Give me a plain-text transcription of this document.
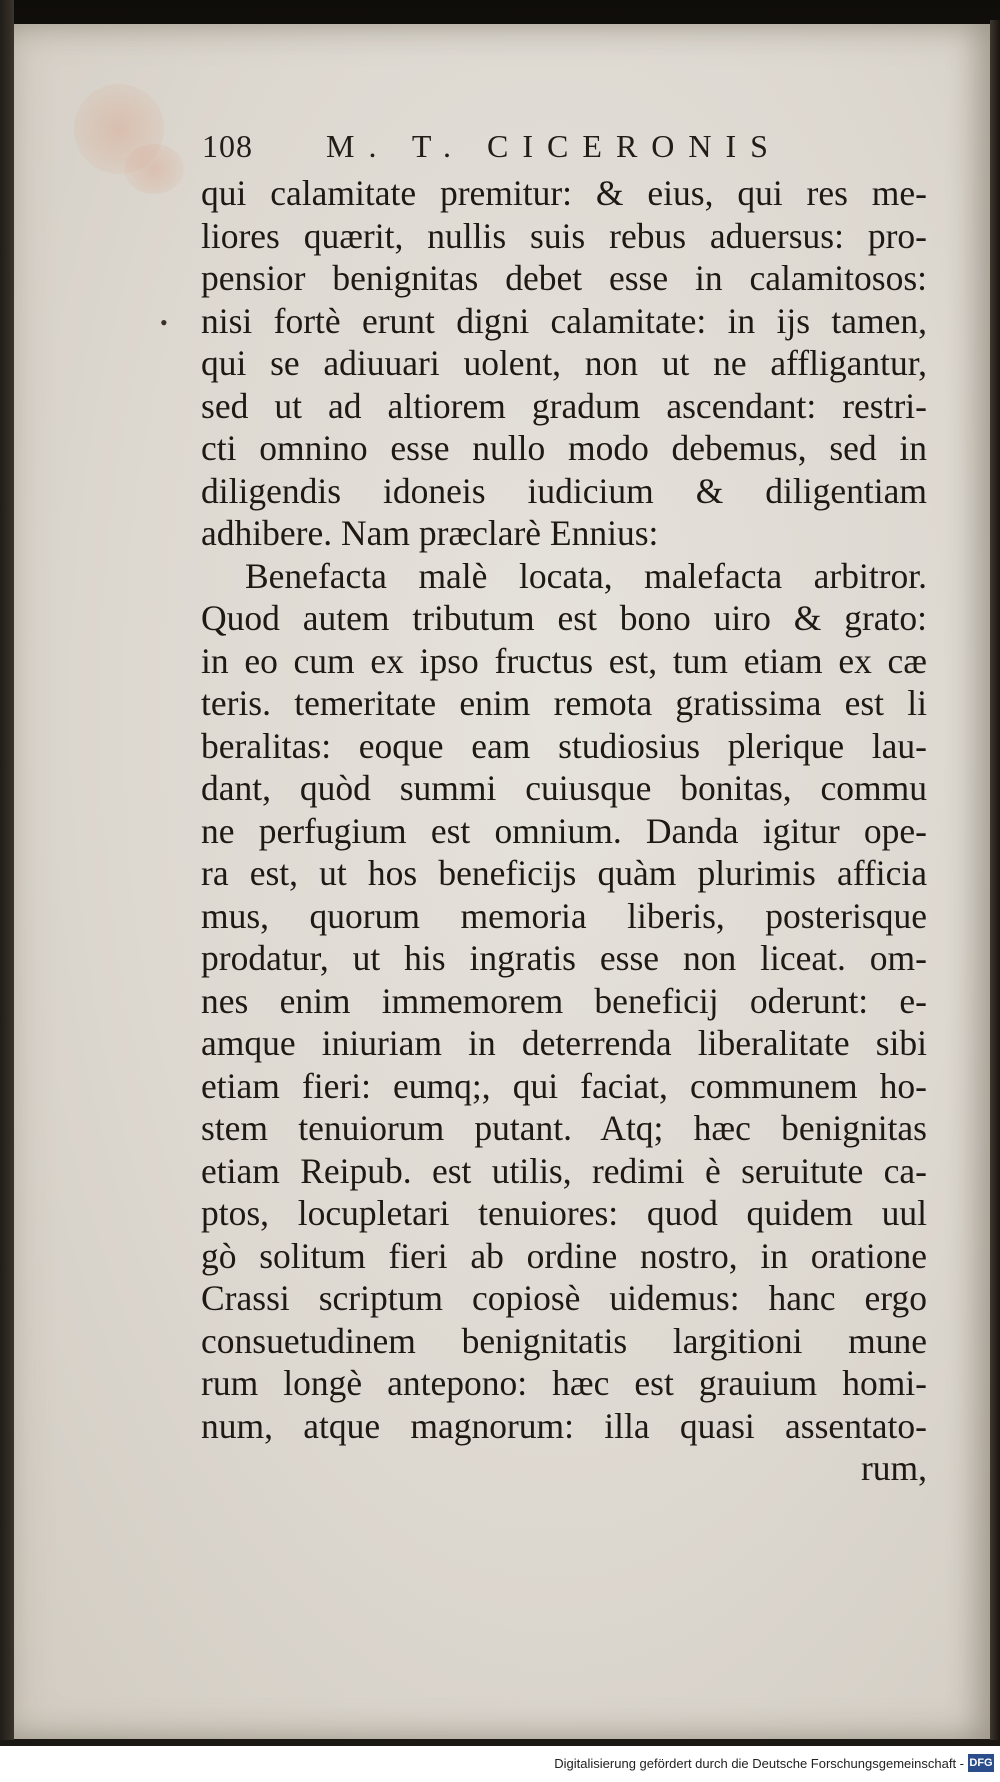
108 M. T. CICERONIS
•
qui calamitate premitur: & eius, qui res me-
liores quærit, nullis suis rebus aduersus: pro-
pensior benignitas debet esse in calamitosos:
nisi fortè erunt digni calamitate: in ijs tamen,
qui se adiuuari uolent, non ut ne affligantur,
sed ut ad altiorem gradum ascendant: restri-
cti omnino esse nullo modo debemus, sed in
diligendis idoneis iudicium & diligentiam
adhibere. Nam præclarè Ennius:
Benefacta malè locata, malefacta arbitror.
Quod autem tributum est bono uiro & grato:
in eo cum ex ipso fructus est, tum etiam ex cæ
teris. temeritate enim remota gratissima est li
beralitas: eoque eam studiosius plerique lau-
dant, quòd summi cuiusque bonitas, commu
ne perfugium est omnium. Danda igitur ope-
ra est, ut hos beneficijs quàm plurimis afficia
mus, quorum memoria liberis, posterisque
prodatur, ut his ingratis esse non liceat. om-
nes enim immemorem beneficij oderunt: e-
amque iniuriam in deterrenda liberalitate sibi
etiam fieri: eumq;, qui faciat, communem ho-
stem tenuiorum putant. Atq; hæc benignitas
etiam Reipub. est utilis, redimi è seruitute ca-
ptos, locupletari tenuiores: quod quidem uul
gò solitum fieri ab ordine nostro, in oratione
Crassi scriptum copiosè uidemus: hanc ergo
consuetudinem benignitatis largitioni mune
rum longè antepono: hæc est grauium homi-
num, atque magnorum: illa quasi assentato-
rum,
Digitalisierung gefördert durch die Deutsche Forschungsgemeinschaft - DFG
